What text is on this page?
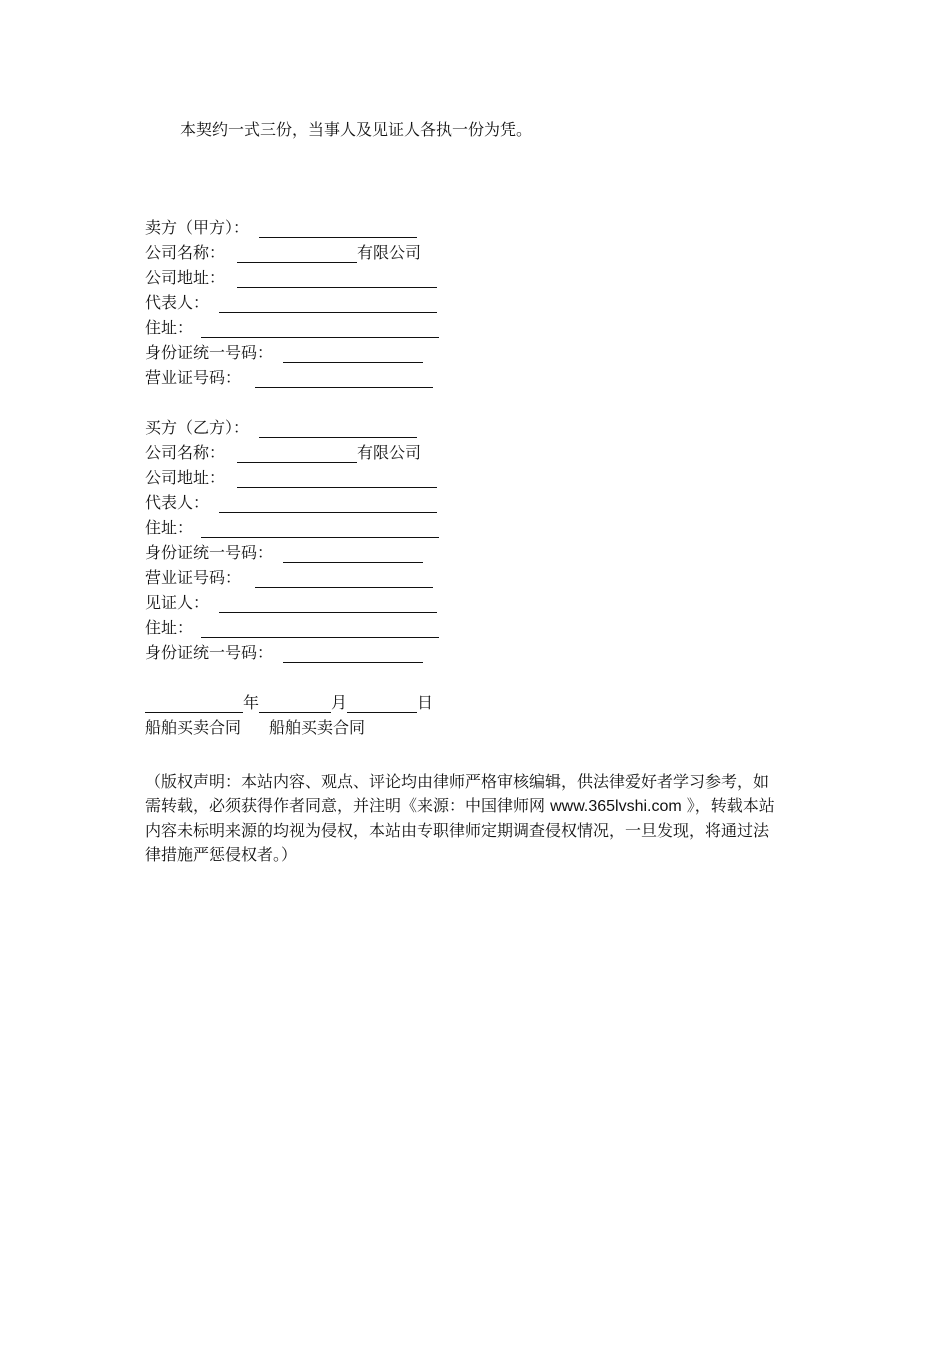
本契约一式三份，当事人及见证人各执一份为凭。
卖方（甲方）：
公司名称：	有限公司
公司地址：
代表人：
住址：
身份证统一号码：
营业证号码：
买方（乙方）：
公司名称：	有限公司
公司地址：
代表人：
住址：
身份证统一号码：
营业证号码：
见证人：
住址：
身份证统一号码：
年	月	日
船舶买卖合同 船舶买卖合同
（版权声明：本站内容、观点、评论均由律师严格审核编辑，供法律爱好者学习参考，如需转载，必须获得作者同意，并注明《来源：中国律师网 www.365lvshi.com 》，转载本站内容未标明来源的均视为侵权，本站由专职律师定期调查侵权情况，一旦发现，将通过法律措施严惩侵权者。）
